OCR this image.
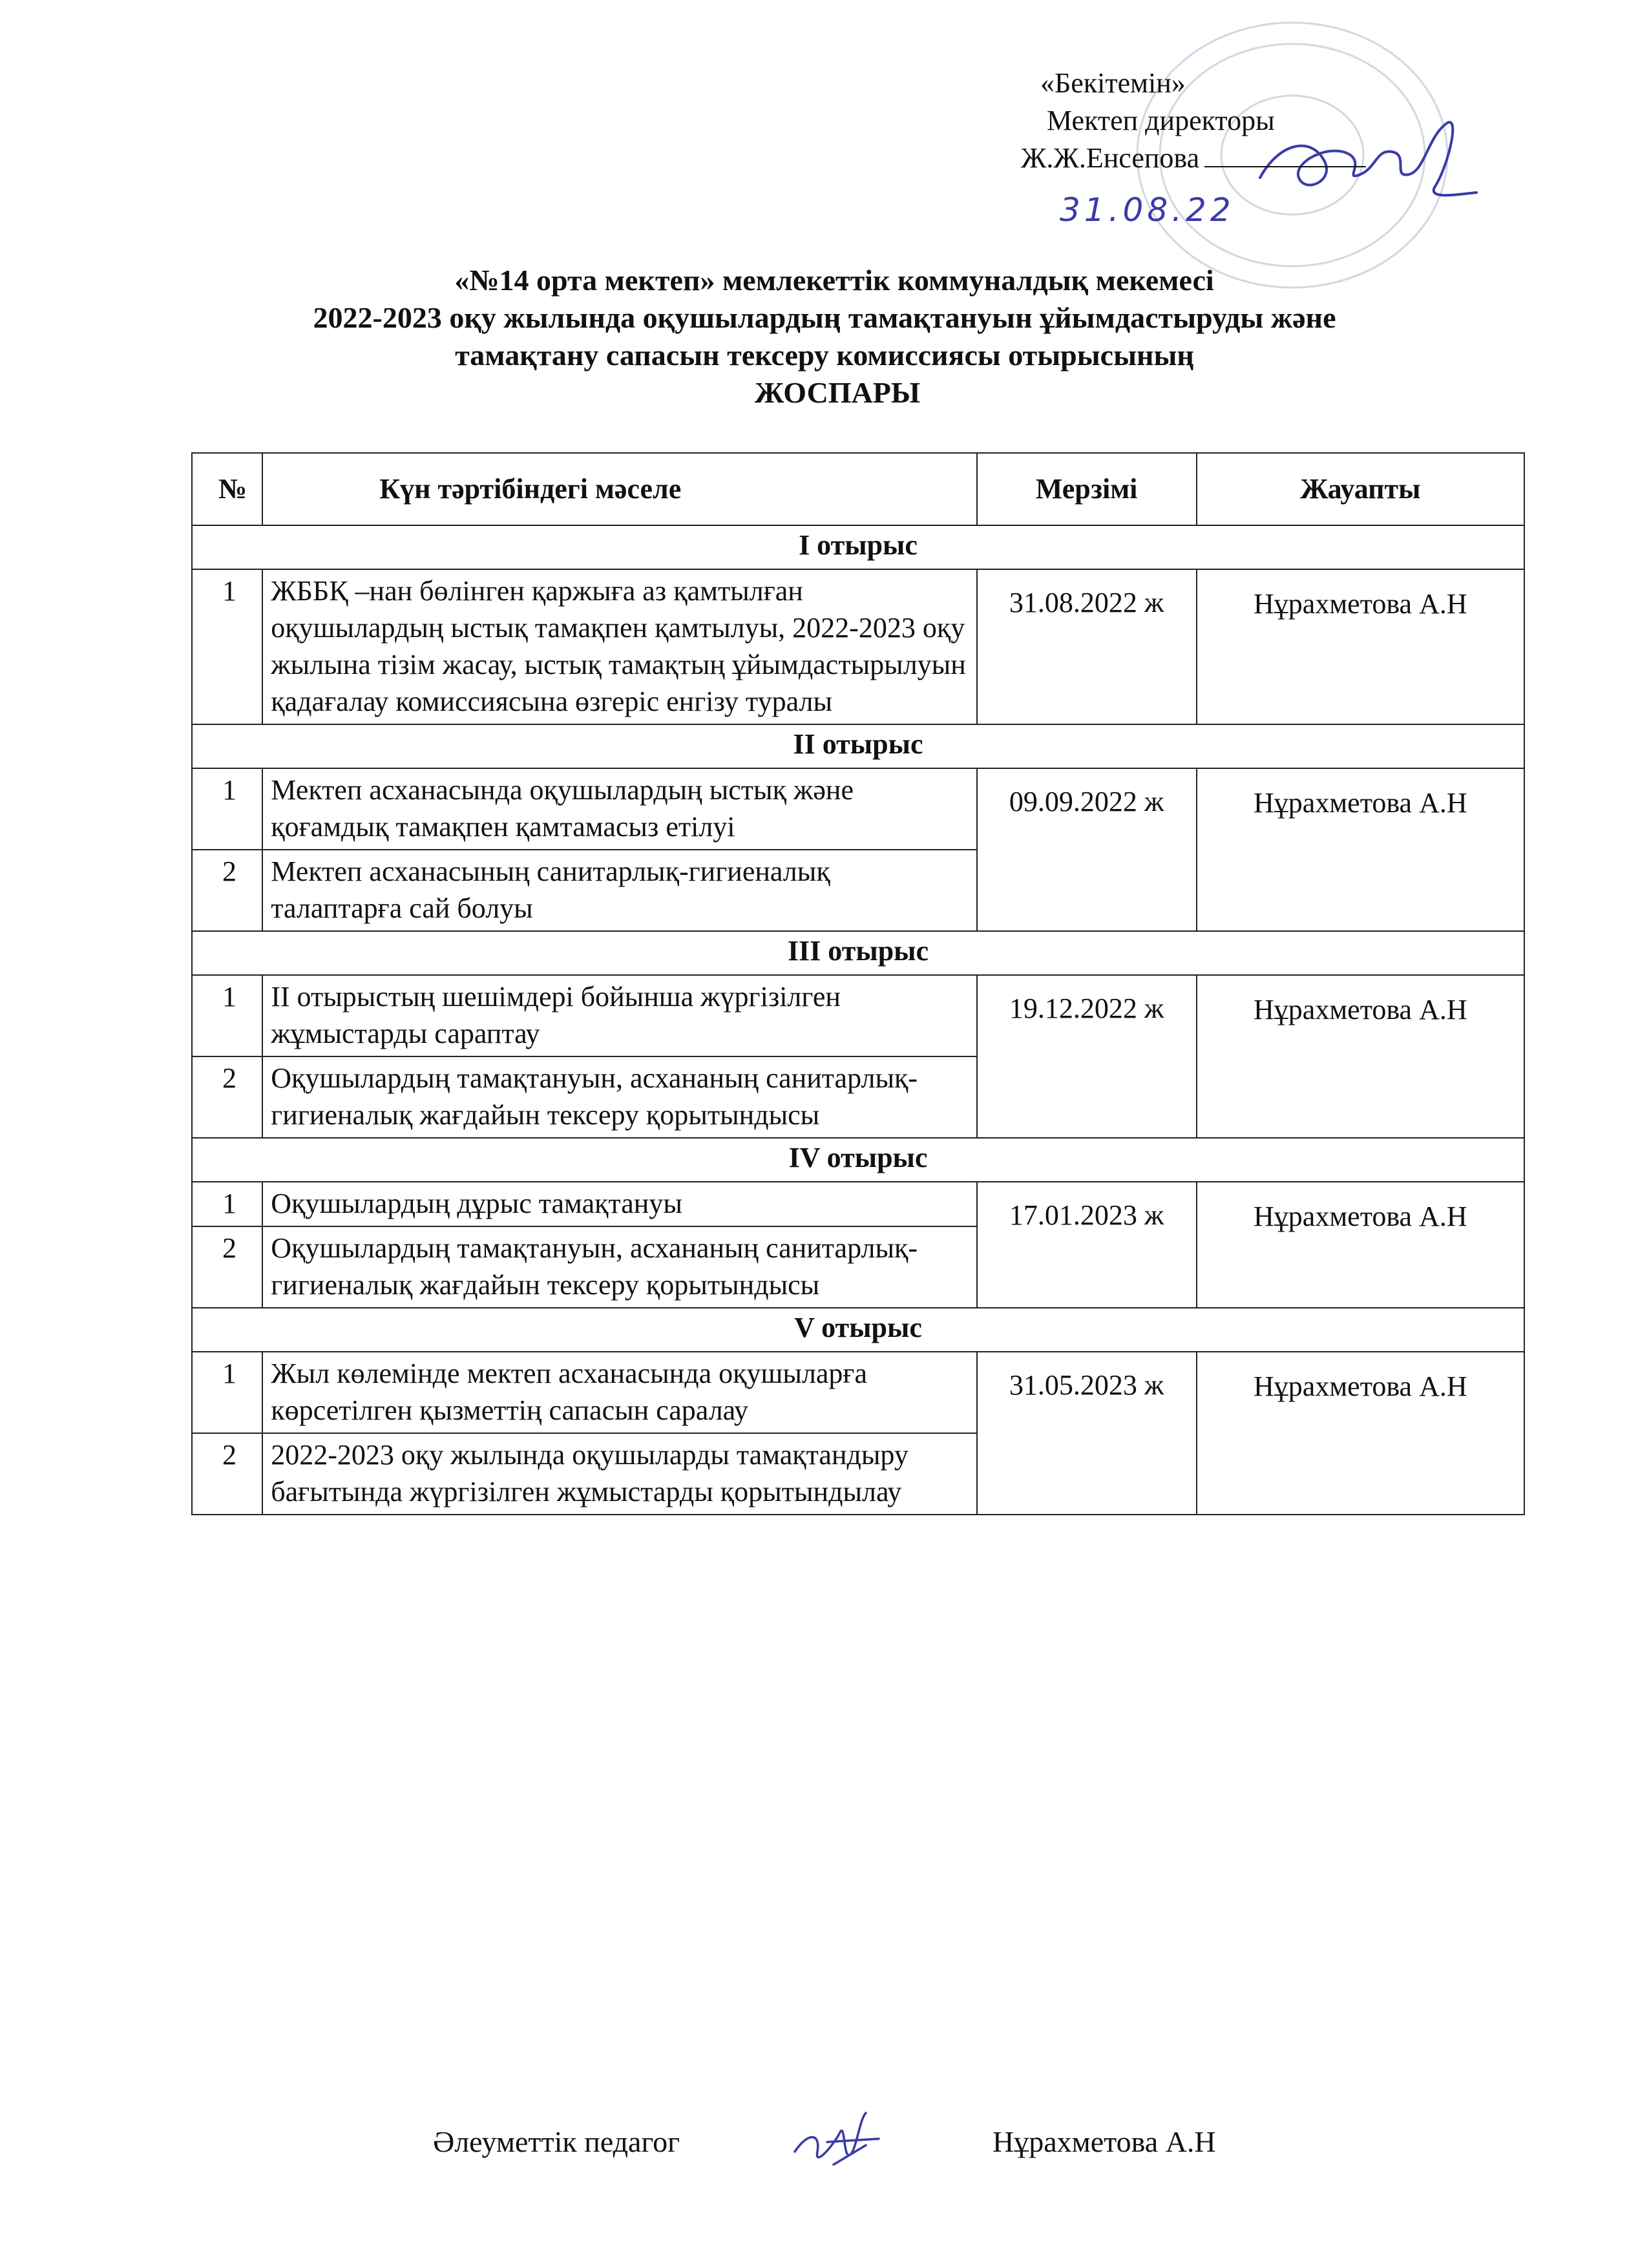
«Бекітемін»
Мектеп директоры
Ж.Ж.Енсепова
31.08.22
«№14 орта мектеп» мемлекеттік коммуналдық мекемесі
2022-2023 оқу жылында оқушылардың тамақтануын ұйымдастыруды және
тамақтану сапасын тексеру комиссиясы отырысының
ЖОСПАРЫ
№	Күн тәртібіндегі мәселе	Мерзімі	Жауапты
I отырыс			
1	ЖББҚ –нан бөлінген қаржыға аз қамтылған оқушылардың ыстық тамақпен қамтылуы, 2022-2023 оқу жылына тізім жасау, ыстық тамақтың ұйымдастырылуын қадағалау комиссиясына өзгеріс енгізу туралы	31.08.2022 ж	Нұрахметова А.Н
II отырыс			
1	Мектеп асханасында оқушылардың ыстық және қоғамдық тамақпен қамтамасыз етілуі	09.09.2022 ж	Нұрахметова А.Н
2	Мектеп асханасының санитарлық-гигиеналық талаптарға сай болуы		
III отырыс			
1	II отырыстың шешімдері бойынша жүргізілген жұмыстарды сараптау	19.12.2022 ж	Нұрахметова А.Н
2	Оқушылардың тамақтануын, асхананың санитарлық- гигиеналық жағдайын тексеру қорытындысы		
IV отырыс			
1	Оқушылардың дұрыс тамақтануы	17.01.2023 ж	Нұрахметова А.Н
2	Оқушылардың тамақтануын, асхананың санитарлық-гигиеналық жағдайын тексеру қорытындысы		
V отырыс			
1	Жыл көлемінде мектеп асханасында оқушыларға көрсетілген қызметтің сапасын саралау	31.05.2023 ж	Нұрахметова А.Н
2	2022-2023 оқу жылында оқушыларды тамақтандыру бағытында жүргізілген жұмыстарды қорытындылау		
Әлеуметтік педагог	Нұрахметова А.Н
